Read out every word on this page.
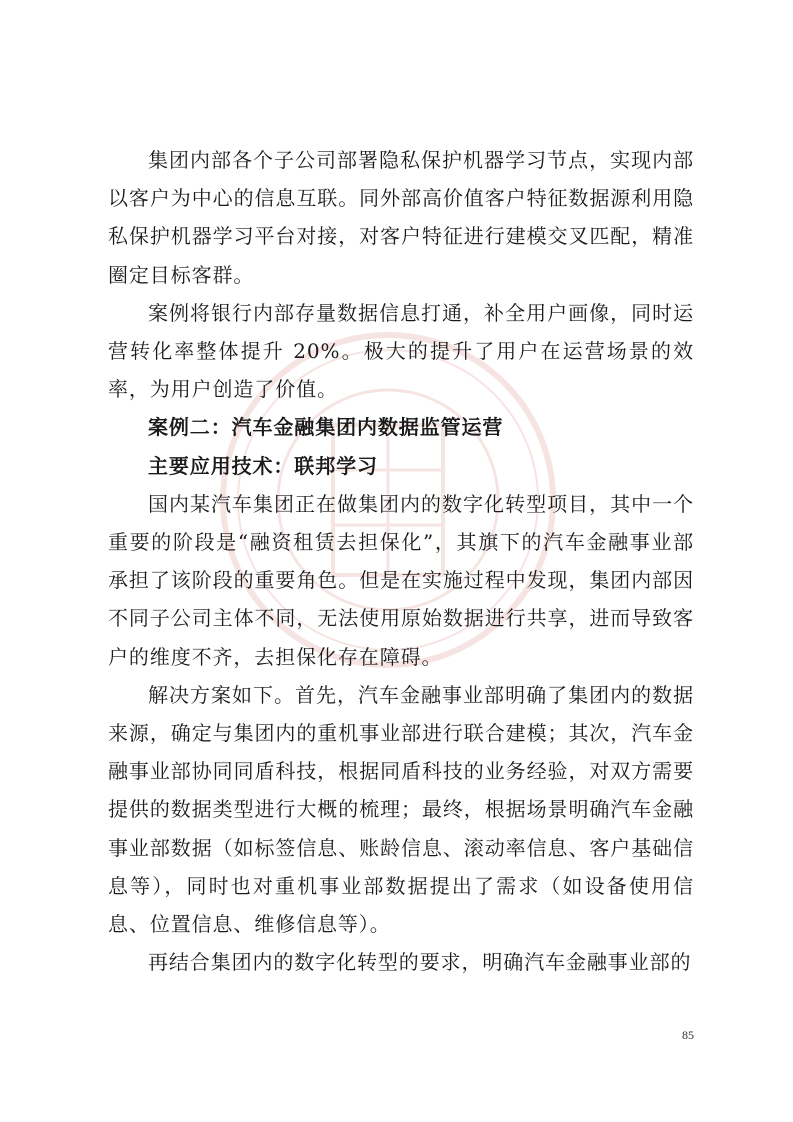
集团内部各个子公司部署隐私保护机器学习节点，实现内部以客户为中心的信息互联。同外部高价值客户特征数据源利用隐私保护机器学习平台对接，对客户特征进行建模交叉匹配，精准圈定目标客群。

案例将银行内部存量数据信息打通，补全用户画像，同时运营转化率整体提升 20%。极大的提升了用户在运营场景的效率，为用户创造了价值。

案例二：汽车金融集团内数据监管运营

主要应用技术：联邦学习

国内某汽车集团正在做集团内的数字化转型项目，其中一个重要的阶段是“融资租赁去担保化”，其旗下的汽车金融事业部承担了该阶段的重要角色。但是在实施过程中发现，集团内部因不同子公司主体不同，无法使用原始数据进行共享，进而导致客户的维度不齐，去担保化存在障碍。

解决方案如下。首先，汽车金融事业部明确了集团内的数据来源，确定与集团内的重机事业部进行联合建模；其次，汽车金融事业部协同同盾科技，根据同盾科技的业务经验，对双方需要提供的数据类型进行大概的梳理；最终，根据场景明确汽车金融事业部数据（如标签信息、账龄信息、滚动率信息、客户基础信息等），同时也对重机事业部数据提出了需求（如设备使用信息、位置信息、维修信息等）。

再结合集团内的数字化转型的要求，明确汽车金融事业部的

85
